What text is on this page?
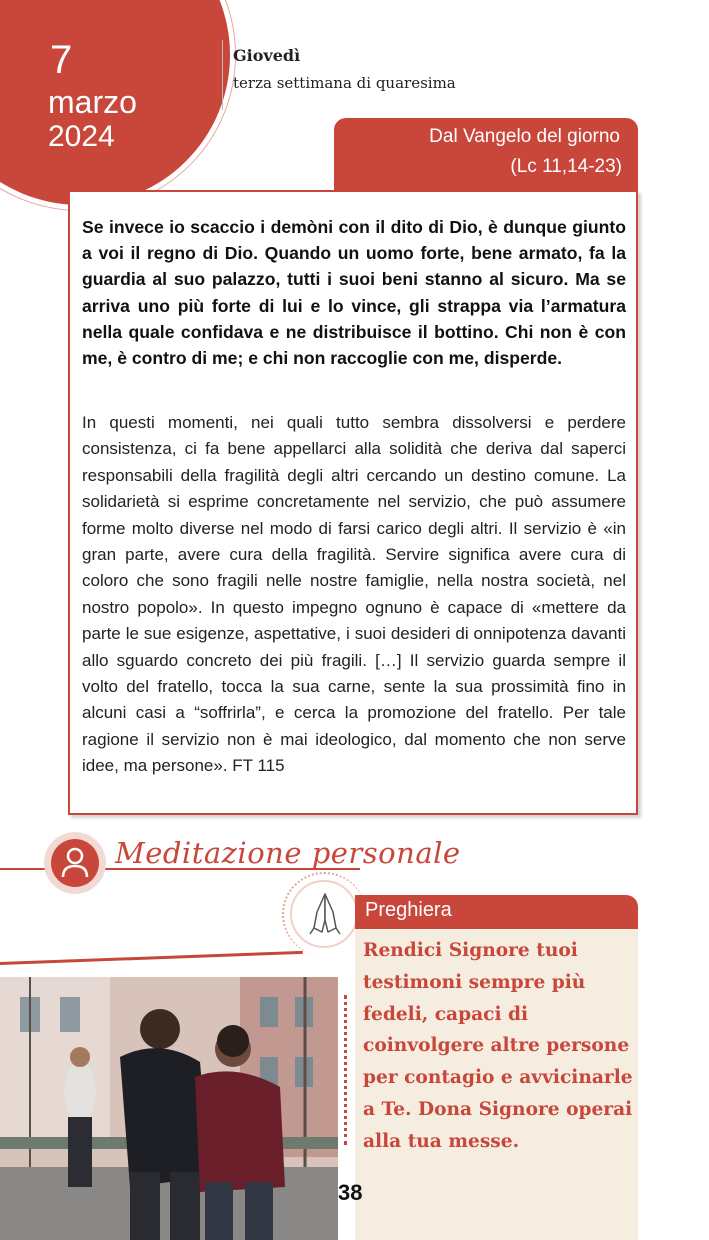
7
marzo
2024
Giovedì
terza settimana di quaresima
Dal Vangelo del giorno
(Lc 11,14-23)

Se invece io scaccio i demòni con il dito di Dio, è dunque giunto a voi il regno di Dio. Quando un uomo forte, bene armato, fa la guardia al suo palazzo, tutti i suoi beni stanno al sicuro. Ma se arriva uno più forte di lui e lo vince, gli strappa via l’armatura nella quale confidava e ne distribuisce il bottino. Chi non è con me, è contro di me; e chi non raccoglie con me, disperde.

In questi momenti, nei quali tutto sembra dissolversi e perdere consistenza, ci fa bene appellarci alla solidità che deriva dal saperci responsabili della fragilità degli altri cercando un destino comune. La solidarietà si esprime concretamente nel servizio, che può assumere forme molto diverse nel modo di farsi carico degli altri. Il servizio è «in gran parte, avere cura della fragilità. Servire significa avere cura di coloro che sono fragili nelle nostre famiglie, nella nostra società, nel nostro popolo». In questo impegno ognuno è capace di «mettere da parte le sue esigenze, aspettative, i suoi desideri di onnipotenza davanti allo sguardo concreto dei più fragili. […] Il servizio guarda sempre il volto del fratello, tocca la sua carne, sente la sua prossimità fino in alcuni casi a “soffrirla”, e cerca la promozione del fratello. Per tale ragione il servizio non è mai ideologico, dal momento che non serve idee, ma persone». FT 115

Meditazione personale
Preghiera

Rendici Signore tuoi testimoni sempre più fedeli, capaci di coinvolgere altre persone per contagio e avvicinarle a Te. Dona Signore operai alla tua messe.

38
